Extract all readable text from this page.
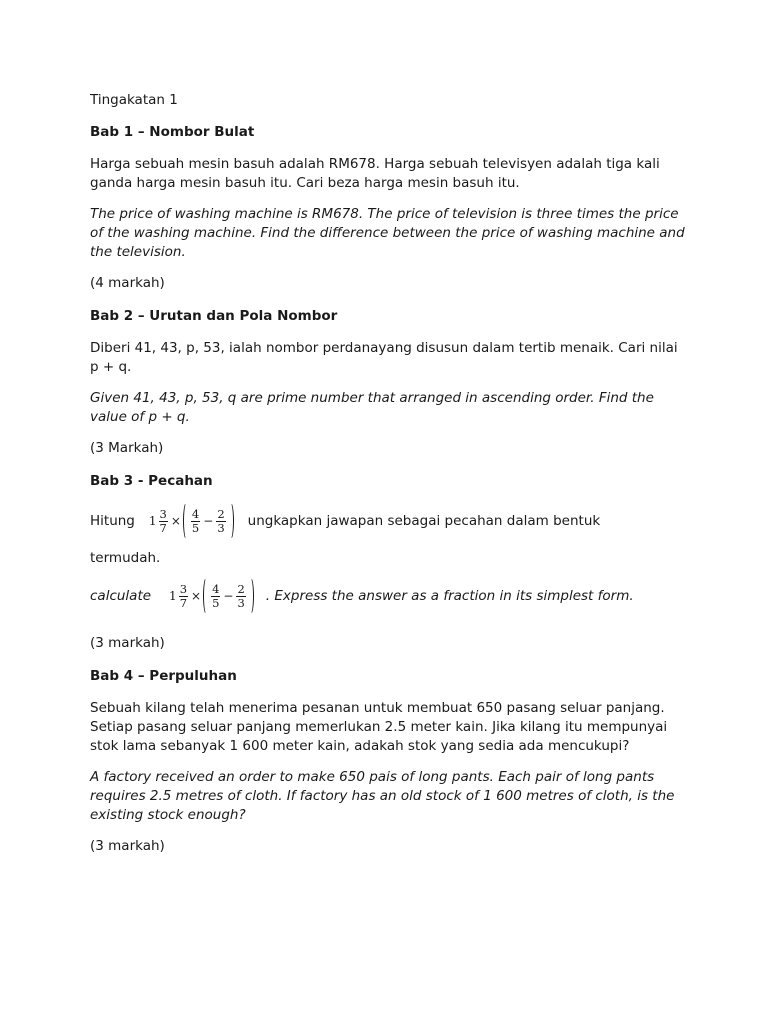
Tingakatan 1

Bab 1 – Nombor Bulat

Harga sebuah mesin basuh adalah RM678. Harga sebuah televisyen adalah tiga kali ganda harga mesin basuh itu. Cari beza harga mesin basuh itu.

The price of washing machine is RM678. The price of television is three times the price of the washing machine. Find the difference between the price of washing machine and the television.

(4 markah)

Bab 2 – Urutan dan Pola Nombor

Diberi 41, 43, p, 53, ialah nombor perdanayang disusun dalam tertib menaik. Cari nilai p + q.

Given 41, 43, p, 53, q are prime number that arranged in ascending order. Find the value of p + q.

(3 Markah)

Bab 3 - Pecahan

Hitung $1 \frac{3}{7} \times \frac{4}{5} - \frac{2}{3}$ ungkapkan jawapan sebagai pecahan dalam bentuk

termudah.

calculate $1 \frac{3}{7} \times \frac{4}{5} - \frac{2}{3}$ . Express the answer as a fraction in its simplest form.

(3 markah)

Bab 4 – Perpuluhan

Sebuah kilang telah menerima pesanan untuk membuat 650 pasang seluar panjang. Setiap pasang seluar panjang memerlukan 2.5 meter kain. Jika kilang itu mempunyai stok lama sebanyak 1 600 meter kain, adakah stok yang sedia ada mencukupi?

A factory received an order to make 650 pais of long pants. Each pair of long pants requires 2.5 metres of cloth. If factory has an old stock of 1 600 metres of cloth, is the existing stock enough?

(3 markah)
